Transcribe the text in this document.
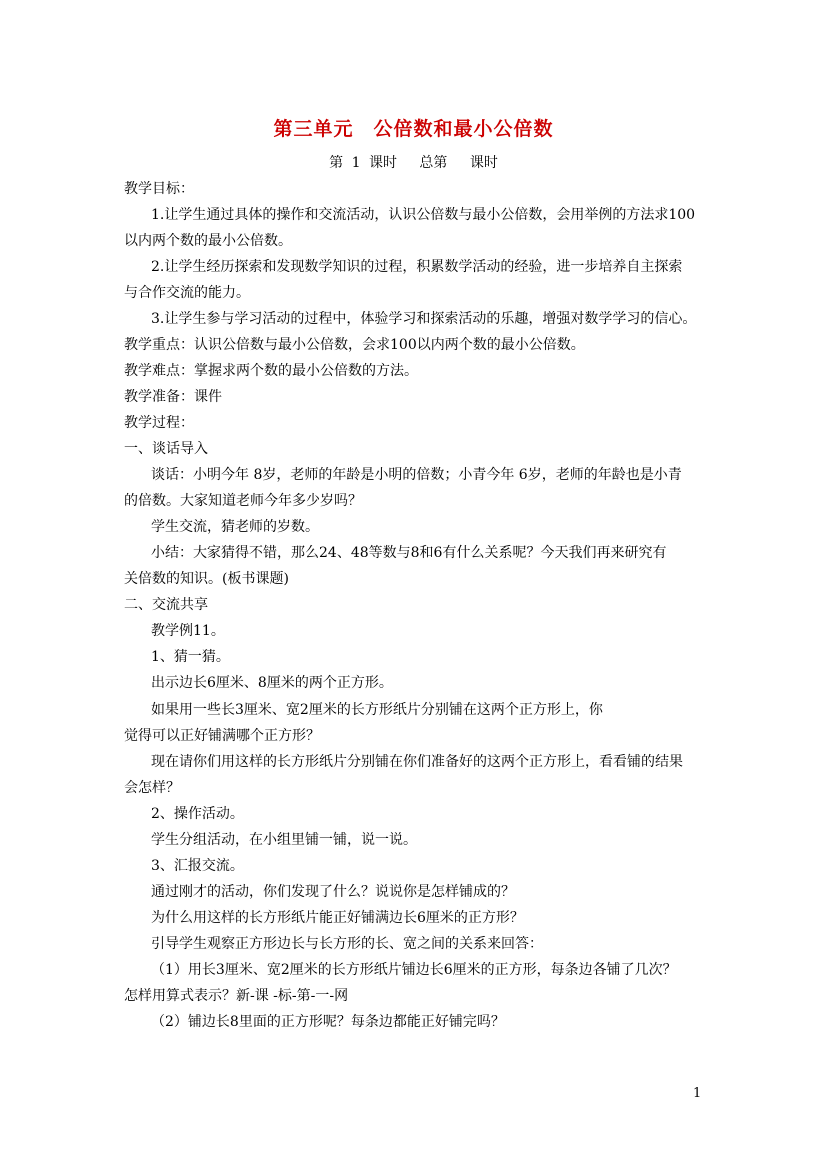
第三单元　公倍数和最小公倍数
第 1 课时　 总第　 课时
教学目标：
1.让学生通过具体的操作和交流活动，认识公倍数与最小公倍数，会用举例的方法求100
以内两个数的最小公倍数。
2.让学生经历探索和发现数学知识的过程，积累数学活动的经验，进一步培养自主探索
与合作交流的能力。
3.让学生参与学习活动的过程中，体验学习和探索活动的乐趣，增强对数学学习的信心。
教学重点：认识公倍数与最小公倍数，会求100以内两个数的最小公倍数。
教学难点：掌握求两个数的最小公倍数的方法。
教学准备：课件
教学过程：
一、谈话导入
谈话：小明今年 8岁，老师的年龄是小明的倍数；小青今年 6岁，老师的年龄也是小青
的倍数。大家知道老师今年多少岁吗？
学生交流，猜老师的岁数。
小结：大家猜得不错，那么24、48等数与8和6有什么关系呢？今天我们再来研究有
关倍数的知识。(板书课题)
二、交流共享
教学例11。
1、猜一猜。
出示边长6厘米、8厘米的两个正方形。
如果用一些长3厘米、宽2厘米的长方形纸片分别铺在这两个正方形上，你
觉得可以正好铺满哪个正方形？
现在请你们用这样的长方形纸片分别铺在你们准备好的这两个正方形上，看看铺的结果
会怎样？
2、操作活动。
学生分组活动，在小组里铺一铺，说一说。
3、汇报交流。
通过刚才的活动，你们发现了什么？说说你是怎样铺成的？
为什么用这样的长方形纸片能正好铺满边长6厘米的正方形？
引导学生观察正方形边长与长方形的长、宽之间的关系来回答：
（1）用长3厘米、宽2厘米的长方形纸片铺边长6厘米的正方形，每条边各铺了几次？
怎样用算式表示？新-课 -标-第-一-网
（2）铺边长8里面的正方形呢？每条边都能正好铺完吗？
1
